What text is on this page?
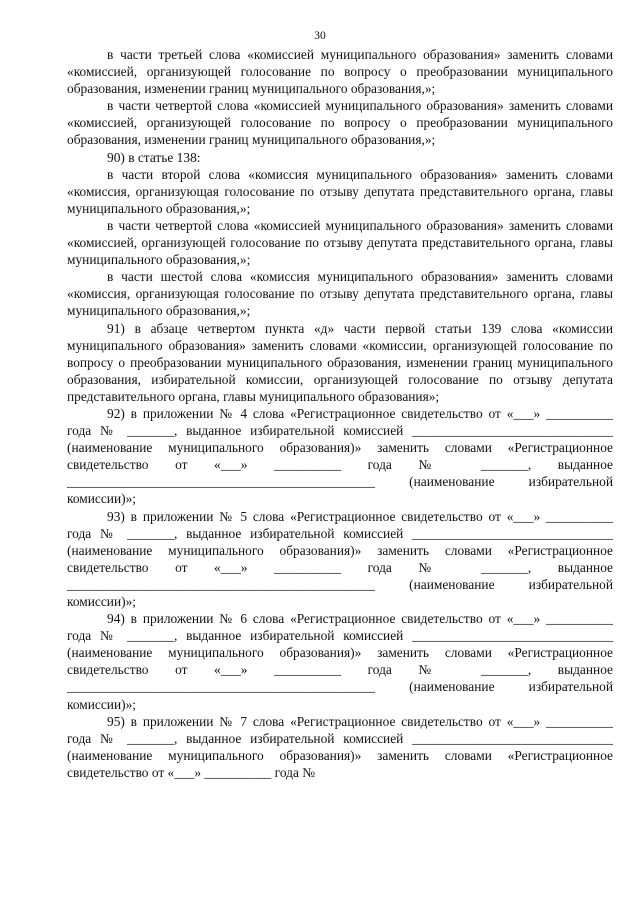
30

в части третьей слова «комиссией муниципального образования» заменить словами «комиссией, организующей голосование по вопросу о преобразовании муниципального образования, изменении границ муниципального образования,»;

в части четвертой слова «комиссией муниципального образования» заменить словами «комиссией, организующей голосование по вопросу о преобразовании муниципального образования, изменении границ муниципального образования,»;

90) в статье 138:

в части второй слова «комиссия муниципального образования» заменить словами «комиссия, организующая голосование по отзыву депутата представительного органа, главы муниципального образования,»;

в части четвертой слова «комиссией муниципального образования» заменить словами «комиссией, организующей голосование по отзыву депутата представительного органа, главы муниципального образования,»;

в части шестой слова «комиссия муниципального образования» заменить словами «комиссия, организующая голосование по отзыву депутата представительного органа, главы муниципального образования,»;

91) в абзаце четвертом пункта «д» части первой статьи 139 слова «комиссии муниципального образования» заменить словами «комиссии, организующей голосование по вопросу о преобразовании муниципального образования, изменении границ муниципального образования, избирательной комиссии, организующей голосование по отзыву депутата представительного органа, главы муниципального образования»;

92) в приложении № 4 слова «Регистрационное свидетельство от «___» __________ года № _______, выданное избирательной комиссией ______________________________ (наименование муниципального образования)» заменить словами «Регистрационное свидетельство от «___» __________ года № _______, выданное ______________________________________________ (наименование избирательной комиссии)»;

93) в приложении № 5 слова «Регистрационное свидетельство от «___» __________ года № _______, выданное избирательной комиссией ______________________________ (наименование муниципального образования)» заменить словами «Регистрационное свидетельство от «___» __________ года № _______, выданное ______________________________________________ (наименование избирательной комиссии)»;

94) в приложении № 6 слова «Регистрационное свидетельство от «___» __________ года № _______, выданное избирательной комиссией ______________________________ (наименование муниципального образования)» заменить словами «Регистрационное свидетельство от «___» __________ года № _______, выданное ______________________________________________ (наименование избирательной комиссии)»;

95) в приложении № 7 слова «Регистрационное свидетельство от «___» __________ года № _______, выданное избирательной комиссией ______________________________ (наименование муниципального образования)» заменить словами «Регистрационное свидетельство от «___» __________ года №
